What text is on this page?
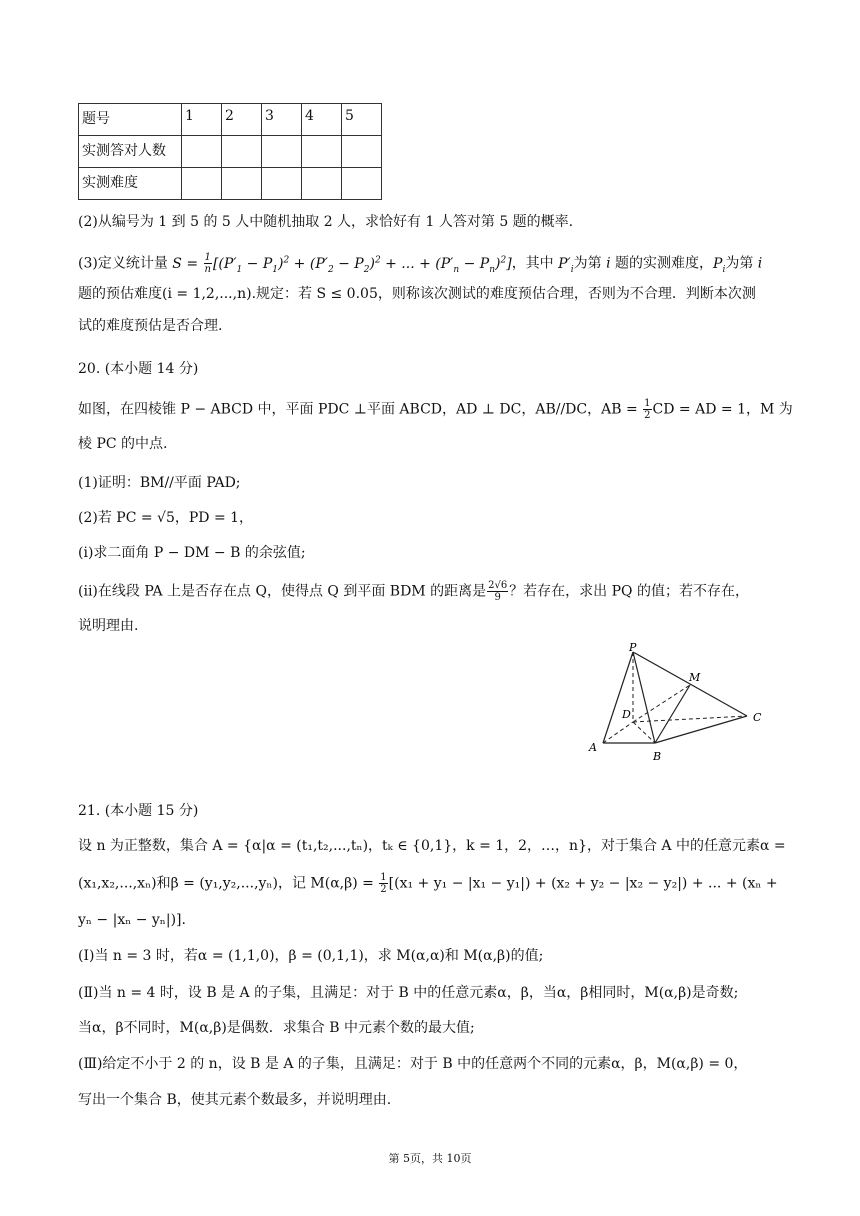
题号	1	2	3	4	5
实测答对人数					
实测难度					
(2)从编号为 1 到 5 的 5 人中随机抽取 2 人，求恰好有 1 人答对第 5 题的概率.
(3)定义统计量 $S = \frac{1}{n} [(P'_1 - P_1)^2 + (P'_2 - P_2)^2$ + ... + $(P'_n - P_n)^2$]，其中 $P'_i$为第 i 题的实测难度，$P_i$为第 i
题的预估难度(i = 1,2,...,n).规定：若 S ≤ 0.05，则称该次测试的难度预估合理，否则为不合理．判断本次测
试的难度预估是否合理.
20. (本小题 14 分)
如图，在四棱锥 P − ABCD 中，平面 PDC ⊥平面 ABCD，AD ⊥ DC，AB//DC，AB = $\frac{1}{2}$ CD = AD = 1，M 为
棱 PC 的中点.
(1)证明：BM//平面 PAD;
(2)若 PC = √5，PD = 1，
(i)求二面角 P − DM − B 的余弦值;
(ii)在线段 PA 上是否存在点 Q，使得点 Q 到平面 BDM 的距离是 $\frac{2√6}{9}$ ？若存在，求出 PQ 的值；若不存在，
说明理由.
P
M
D	C
A
B
21. (本小题 15 分)
设 n 为正整数，集合 A = {α|α = (t₁,t₂,...,tₙ)，tₖ ∈ {0,1}，k = 1，2，…，n}，对于集合 A 中的任意元素α =
(x₁,x₂,...,xₙ)和β = (y₁,y₂,...,yₙ)，记 $M(\alpha,\beta) = \frac{1}{2} [(x_1 + y_1 - |x_1 - y_1|) + (x_2 + y_2 - |x_2 - y_2|)$ + ... + (xₙ +
yₙ − |xₙ − yₙ|)].
(Ⅰ)当 n = 3 时，若α = (1,1,0)，β = (0,1,1)，求 M(α,α)和 M(α,β)的值;
(Ⅱ)当 n = 4 时，设 B 是 A 的子集，且满足：对于 B 中的任意元素α，β，当α，β相同时，M(α,β)是奇数;
当α，β不同时，M(α,β)是偶数．求集合 B 中元素个数的最大值;
(Ⅲ)给定不小于 2 的 n，设 B 是 A 的子集，且满足：对于 B 中的任意两个不同的元素α，β，M(α,β) = 0，
写出一个集合 B，使其元素个数最多，并说明理由.
第 5页，共 10页
